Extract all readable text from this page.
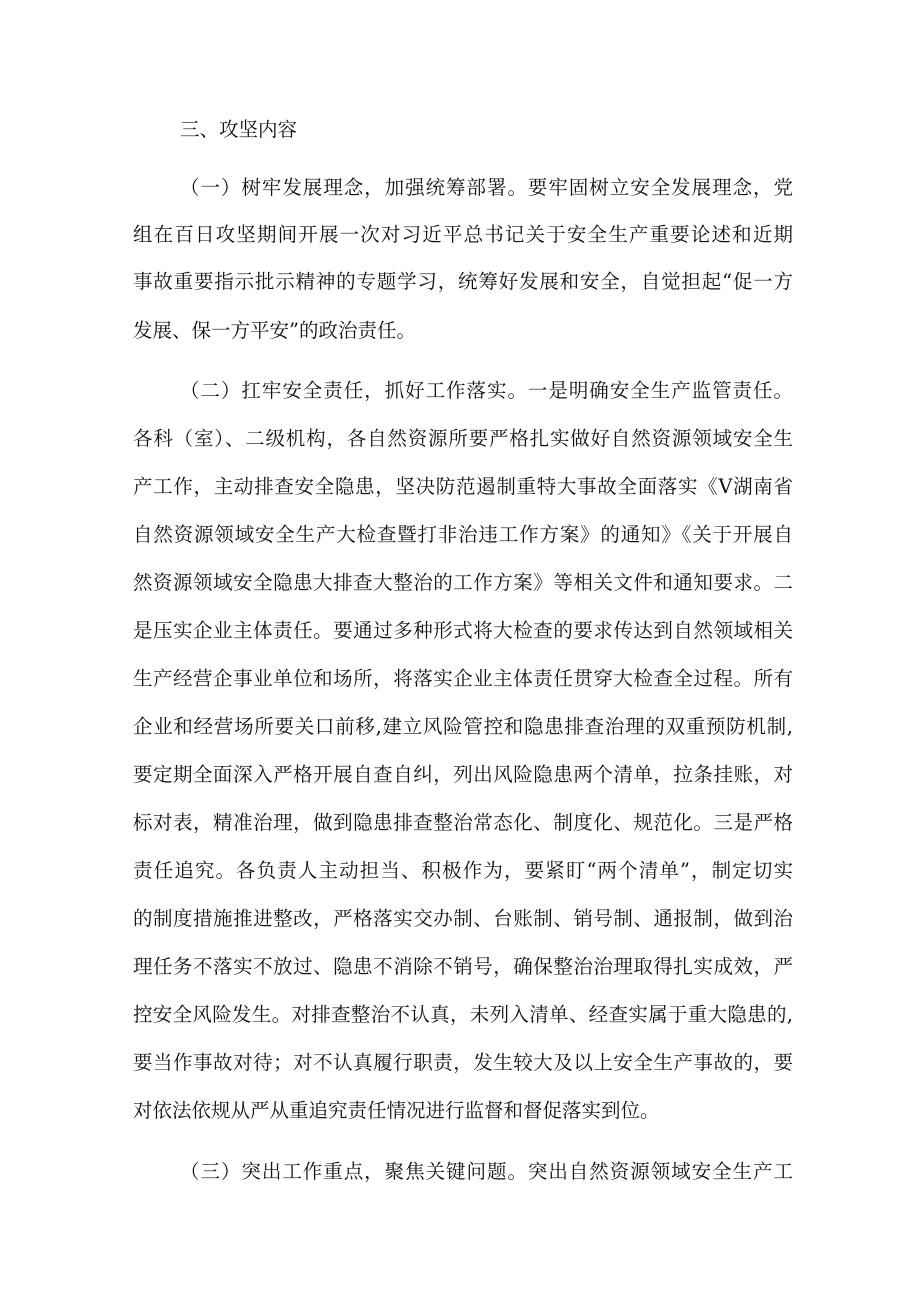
三、攻坚内容
（一）树牢发展理念，加强统筹部署。要牢固树立安全发展理念，党
组在百日攻坚期间开展一次对习近平总书记关于安全生产重要论述和近期
事故重要指示批示精神的专题学习，统筹好发展和安全，自觉担起“促一方
发展、保一方平安”的政治责任。
（二）扛牢安全责任，抓好工作落实。一是明确安全生产监管责任。
各科（室）、二级机构，各自然资源所要严格扎实做好自然资源领域安全生
产工作，主动排查安全隐患，坚决防范遏制重特大事故全面落实《V湖南省
自然资源领域安全生产大检查暨打非治违工作方案》的通知》《关于开展自
然资源领域安全隐患大排查大整治的工作方案》等相关文件和通知要求。二
是压实企业主体责任。要通过多种形式将大检查的要求传达到自然领域相关
生产经营企事业单位和场所，将落实企业主体责任贯穿大检查全过程。所有
企业和经营场所要关口前移,建立风险管控和隐患排查治理的双重预防机制,
要定期全面深入严格开展自查自纠，列出风险隐患两个清单，拉条挂账，对
标对表，精准治理，做到隐患排查整治常态化、制度化、规范化。三是严格
责任追究。各负责人主动担当、积极作为，要紧盯“两个清单”，制定切实
的制度措施推进整改，严格落实交办制、台账制、销号制、通报制，做到治
理任务不落实不放过、隐患不消除不销号，确保整治治理取得扎实成效，严
控安全风险发生。对排查整治不认真，未列入清单、经查实属于重大隐患的,
要当作事故对待；对不认真履行职责，发生较大及以上安全生产事故的，要
对依法依规从严从重追究责任情况进行监督和督促落实到位。
（三）突出工作重点，聚焦关键问题。突出自然资源领域安全生产工
